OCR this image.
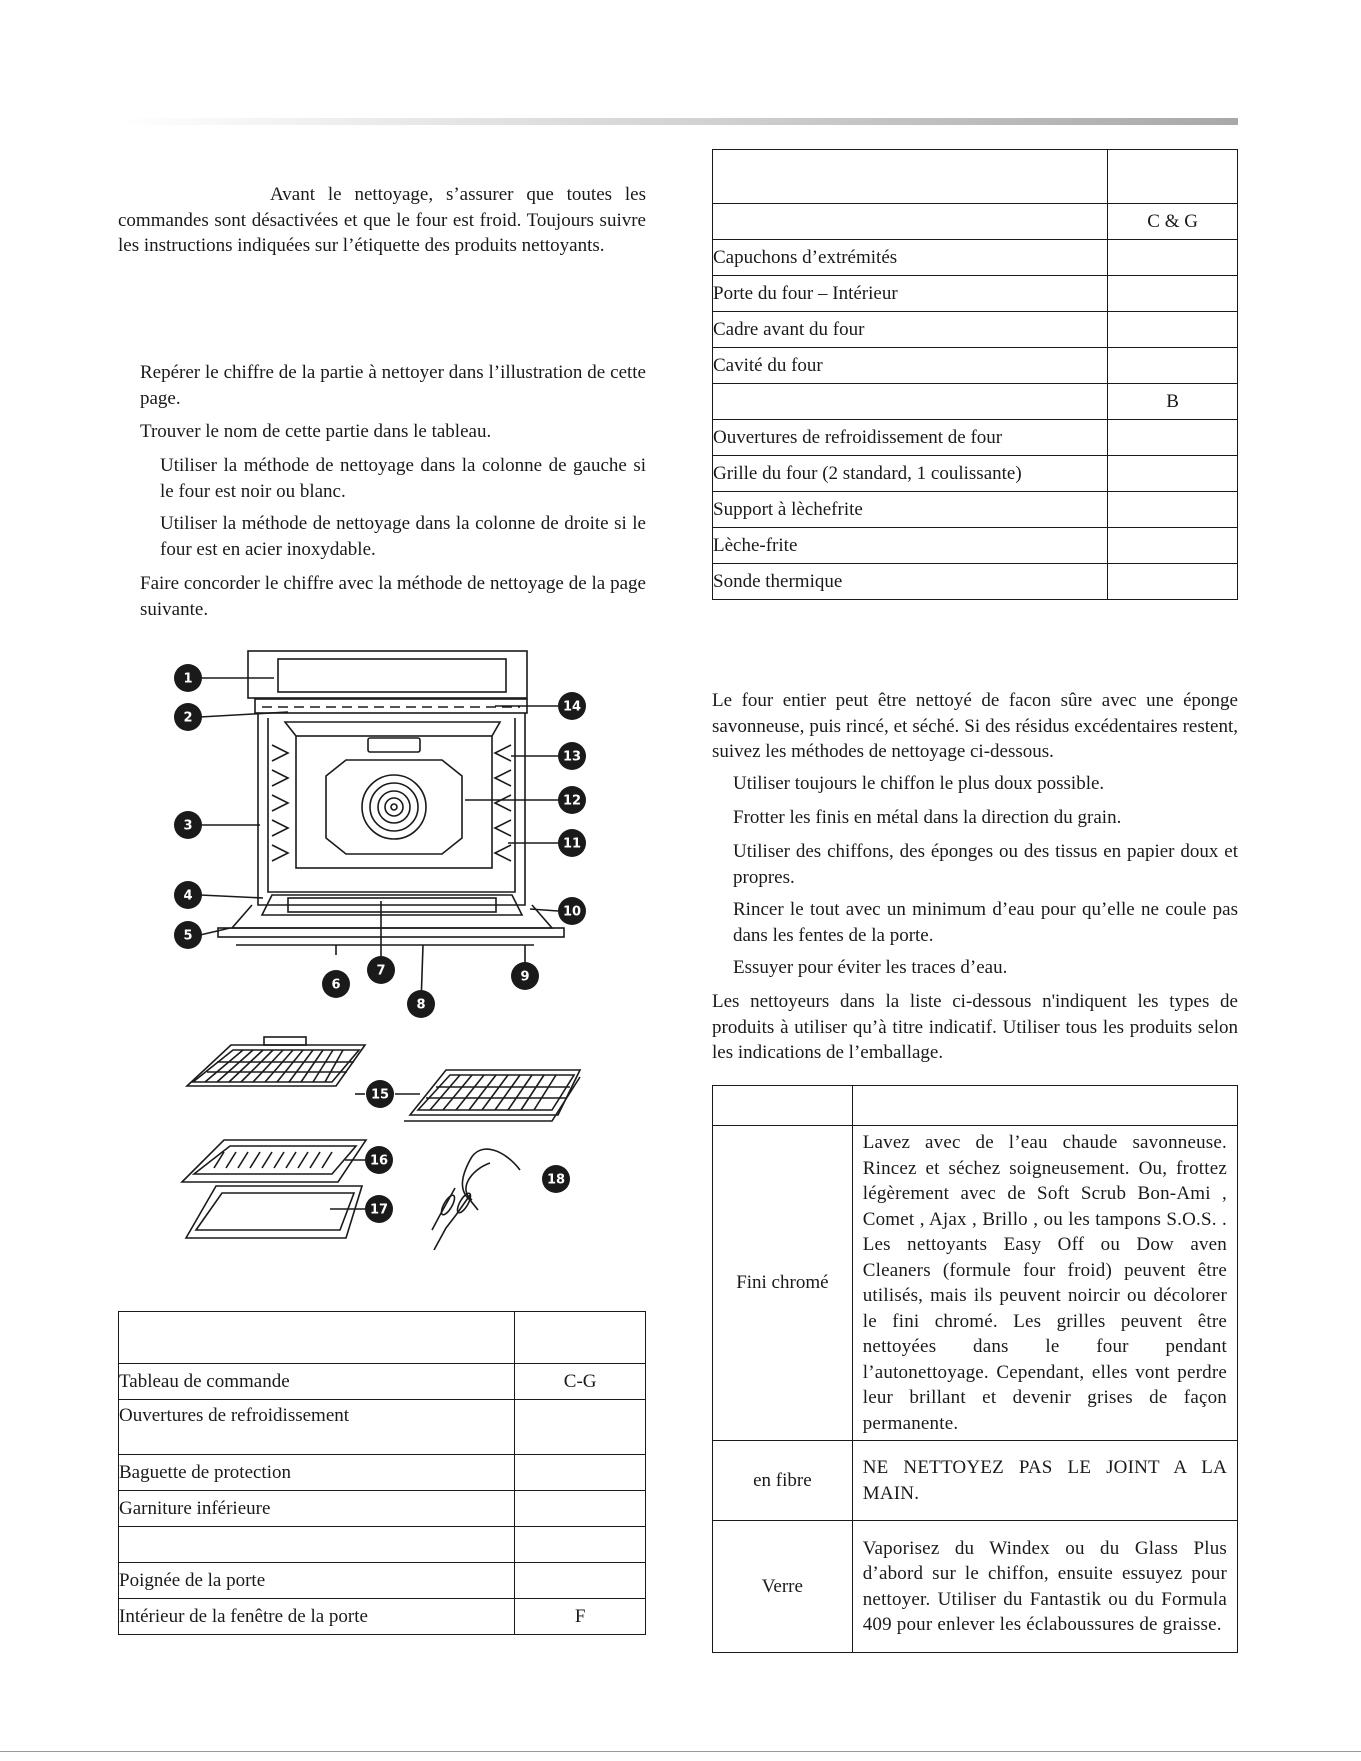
Avant le nettoyage, s’assurer que toutes les commandes sont désactivées et que le four est froid. Toujours suivre les instructions indiquées sur l’étiquette des produits nettoyants.

Repérer le chiffre de la partie à nettoyer dans l’illustration de cette page.

Trouver le nom de cette partie dans le tableau.

Utiliser la méthode de nettoyage dans la colonne de gauche si le four est noir ou blanc.

Utiliser la méthode de nettoyage dans la colonne de droite si le four est en acier inoxydable.

Faire concorder le chiffre avec la méthode de nettoyage de la page suivante.

1
2
3
4
5
6
7
8
9
10
11
12
13
14
15
16
17
18

Tableau de commande	C-G
Ouvertures de refroidissement	
Baguette de protection	
Garniture inférieure	

Poignée de la porte	
Intérieur de la fenêtre de la porte	F

	C & G
Capuchons d’extrémités	
Porte du four – Intérieur	
Cadre avant du four	
Cavité du four	
	B
Ouvertures de refroidissement de four	
Grille du four (2 standard, 1 coulissante)	
Support à lèchefrite	
Lèche-frite	
Sonde thermique	

Le four entier peut être nettoyé de facon sûre avec une éponge savonneuse, puis rincé, et séché. Si des résidus excédentaires restent, suivez les méthodes de nettoyage ci-dessous.

Utiliser toujours le chiffon le plus doux possible.

Frotter les finis en métal dans la direction du grain.

Utiliser des chiffons, des éponges ou des tissus en papier doux et propres.

Rincer le tout avec un minimum d’eau pour qu’elle ne coule pas dans les fentes de la porte.

Essuyer pour éviter les traces d’eau.

Les nettoyeurs dans la liste ci-dessous n'indiquent les types de produits à utiliser qu’à titre indicatif. Utiliser tous les produits selon les indications de l’emballage.

Fini chromé	Lavez avec de l’eau chaude savonneuse. Rincez et séchez soigneusement. Ou, frottez légèrement avec de Soft Scrub Bon-Ami , Comet , Ajax , Brillo , ou les tampons S.O.S. . Les nettoyants Easy Off ou Dow aven Cleaners (formule four froid) peuvent être utilisés, mais ils peuvent noircir ou décolorer le fini chromé. Les grilles peuvent être nettoyées dans le four pendant l’autonettoyage. Cependant, elles vont perdre leur brillant et devenir grises de façon permanente.
en fibre	NE NETTOYEZ PAS LE JOINT A LA MAIN.
Verre	Vaporisez du Windex ou du Glass Plus d’abord sur le chiffon, ensuite essuyez pour nettoyer. Utiliser du Fantastik ou du Formula 409 pour enlever les éclaboussures de graisse.
